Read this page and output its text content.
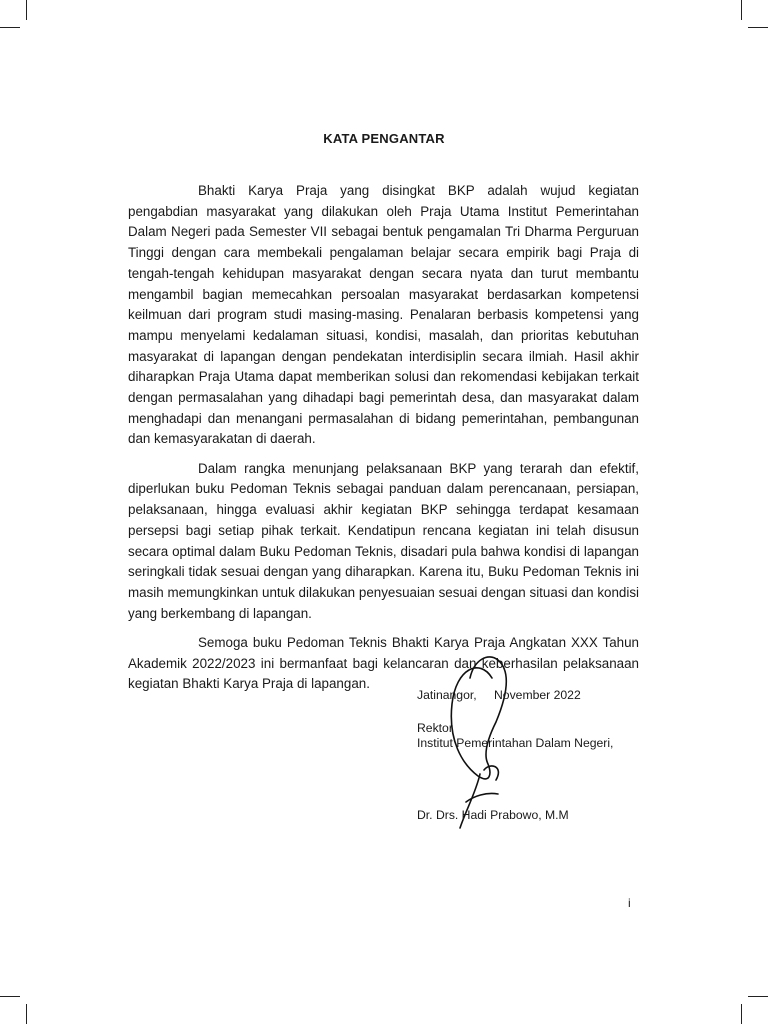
KATA PENGANTAR

Bhakti Karya Praja yang disingkat BKP adalah wujud kegiatan pengabdian masyarakat yang dilakukan oleh Praja Utama Institut Pemerintahan Dalam Negeri pada Semester VII sebagai bentuk pengamalan Tri Dharma Perguruan Tinggi dengan cara membekali pengalaman belajar secara empirik bagi Praja di tengah-tengah kehidupan masyarakat dengan secara nyata dan turut membantu mengambil bagian memecahkan persoalan masyarakat berdasarkan kompetensi keilmuan dari program studi masing-masing. Penalaran berbasis kompetensi yang mampu menyelami kedalaman situasi, kondisi, masalah, dan prioritas kebutuhan masyarakat di lapangan dengan pendekatan interdisiplin secara ilmiah. Hasil akhir diharapkan Praja Utama dapat memberikan solusi dan rekomendasi kebijakan terkait dengan permasalahan yang dihadapi bagi pemerintah desa, dan masyarakat dalam menghadapi dan menangani permasalahan di bidang pemerintahan, pembangunan dan kemasyarakatan di daerah.

Dalam rangka menunjang pelaksanaan BKP yang terarah dan efektif, diperlukan buku Pedoman Teknis sebagai panduan dalam perencanaan, persiapan, pelaksanaan, hingga evaluasi akhir kegiatan BKP sehingga terdapat kesamaan persepsi bagi setiap pihak terkait. Kendatipun rencana kegiatan ini telah disusun secara optimal dalam Buku Pedoman Teknis, disadari pula bahwa kondisi di lapangan seringkali tidak sesuai dengan yang diharapkan. Karena itu, Buku Pedoman Teknis ini masih memungkinkan untuk dilakukan penyesuaian sesuai dengan situasi dan kondisi yang berkembang di lapangan.

Semoga buku Pedoman Teknis Bhakti Karya Praja Angkatan XXX Tahun Akademik 2022/2023 ini bermanfaat bagi kelancaran dan keberhasilan pelaksanaan kegiatan Bhakti Karya Praja di lapangan.

Jatinangor, November 2022
Rektor
Institut Pemerintahan Dalam Negeri,
Dr. Drs. Hadi Prabowo, M.M
i
